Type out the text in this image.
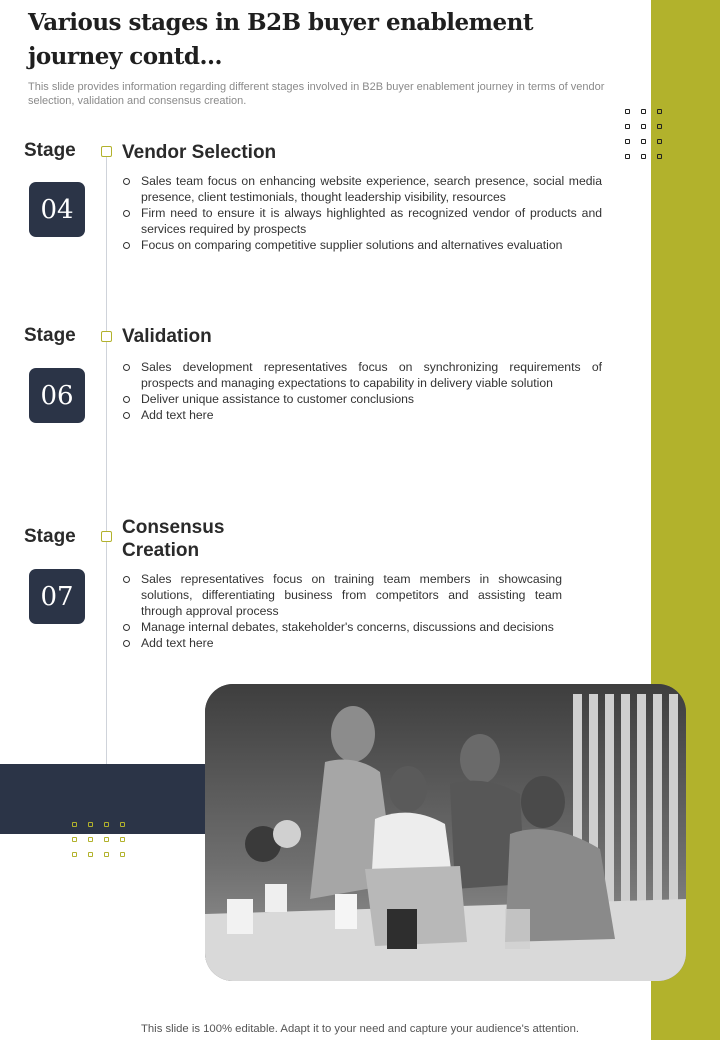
Various stages in B2B buyer enablement journey contd...

This slide provides information regarding different stages involved in B2B buyer enablement journey in terms of vendor selection, validation and consensus creation.

Stage
04
Vendor Selection
Sales team focus on enhancing website experience, search presence, social media presence, client testimonials, thought leadership visibility, resources
Firm need to ensure it is always highlighted as recognized vendor of products and services required by prospects
Focus on comparing competitive supplier solutions and alternatives evaluation
Stage
06
Validation
Sales development representatives focus on synchronizing requirements of prospects and managing expectations to capability in delivery viable solution
Deliver unique assistance to customer conclusions
Add text here
Stage
07
Consensus Creation
Sales representatives focus on training team members in showcasing solutions, differentiating business from competitors and assisting team through approval process
Manage internal debates, stakeholder's concerns, discussions and decisions
Add text here

This slide is 100% editable. Adapt it to your need and capture your audience's attention.
